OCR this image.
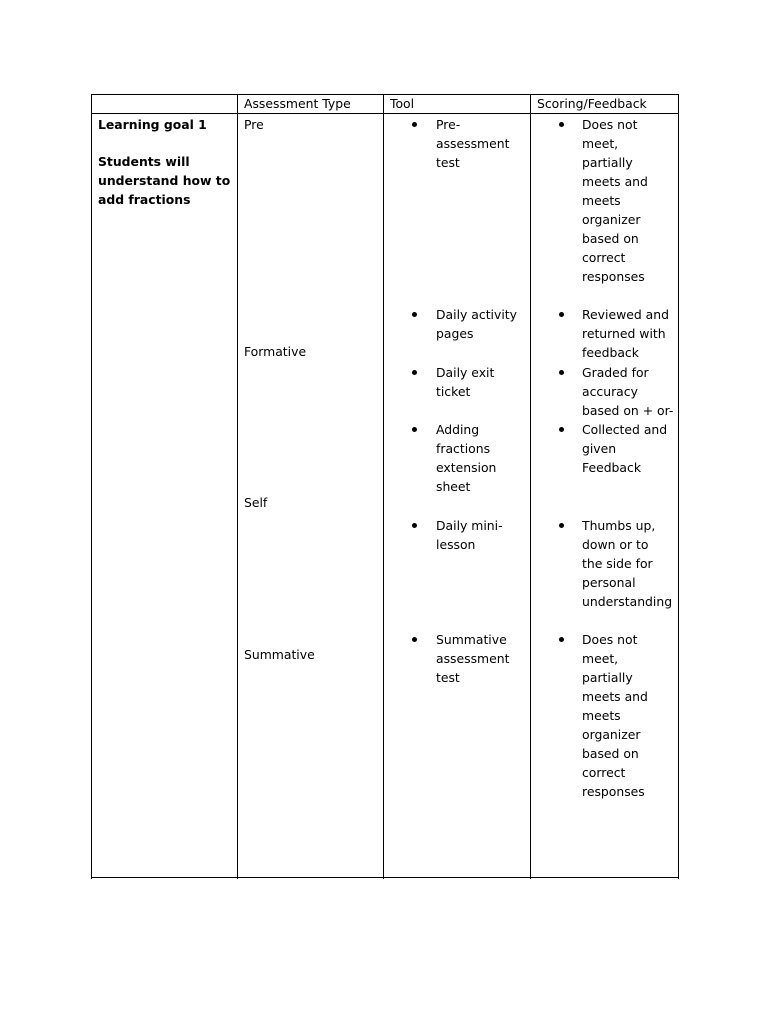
Assessment Type	Tool	Scoring/Feedback
Learning goal 1
Students will
understand how to
add fractions
Pre
Formative
Self
Summative
Pre-
assessment
test
Daily activity
pages
Daily exit
ticket
Adding
fractions
extension
sheet
Daily mini-
lesson
Summative
assessment
test
Does not
meet,
partially
meets and
meets
organizer
based on
correct
responses
Reviewed and
returned with
feedback
Graded for
accuracy
based on + or-
Collected and
given
Feedback
Thumbs up,
down or to
the side for
personal
understanding
Does not
meet,
partially
meets and
meets
organizer
based on
correct
responses
